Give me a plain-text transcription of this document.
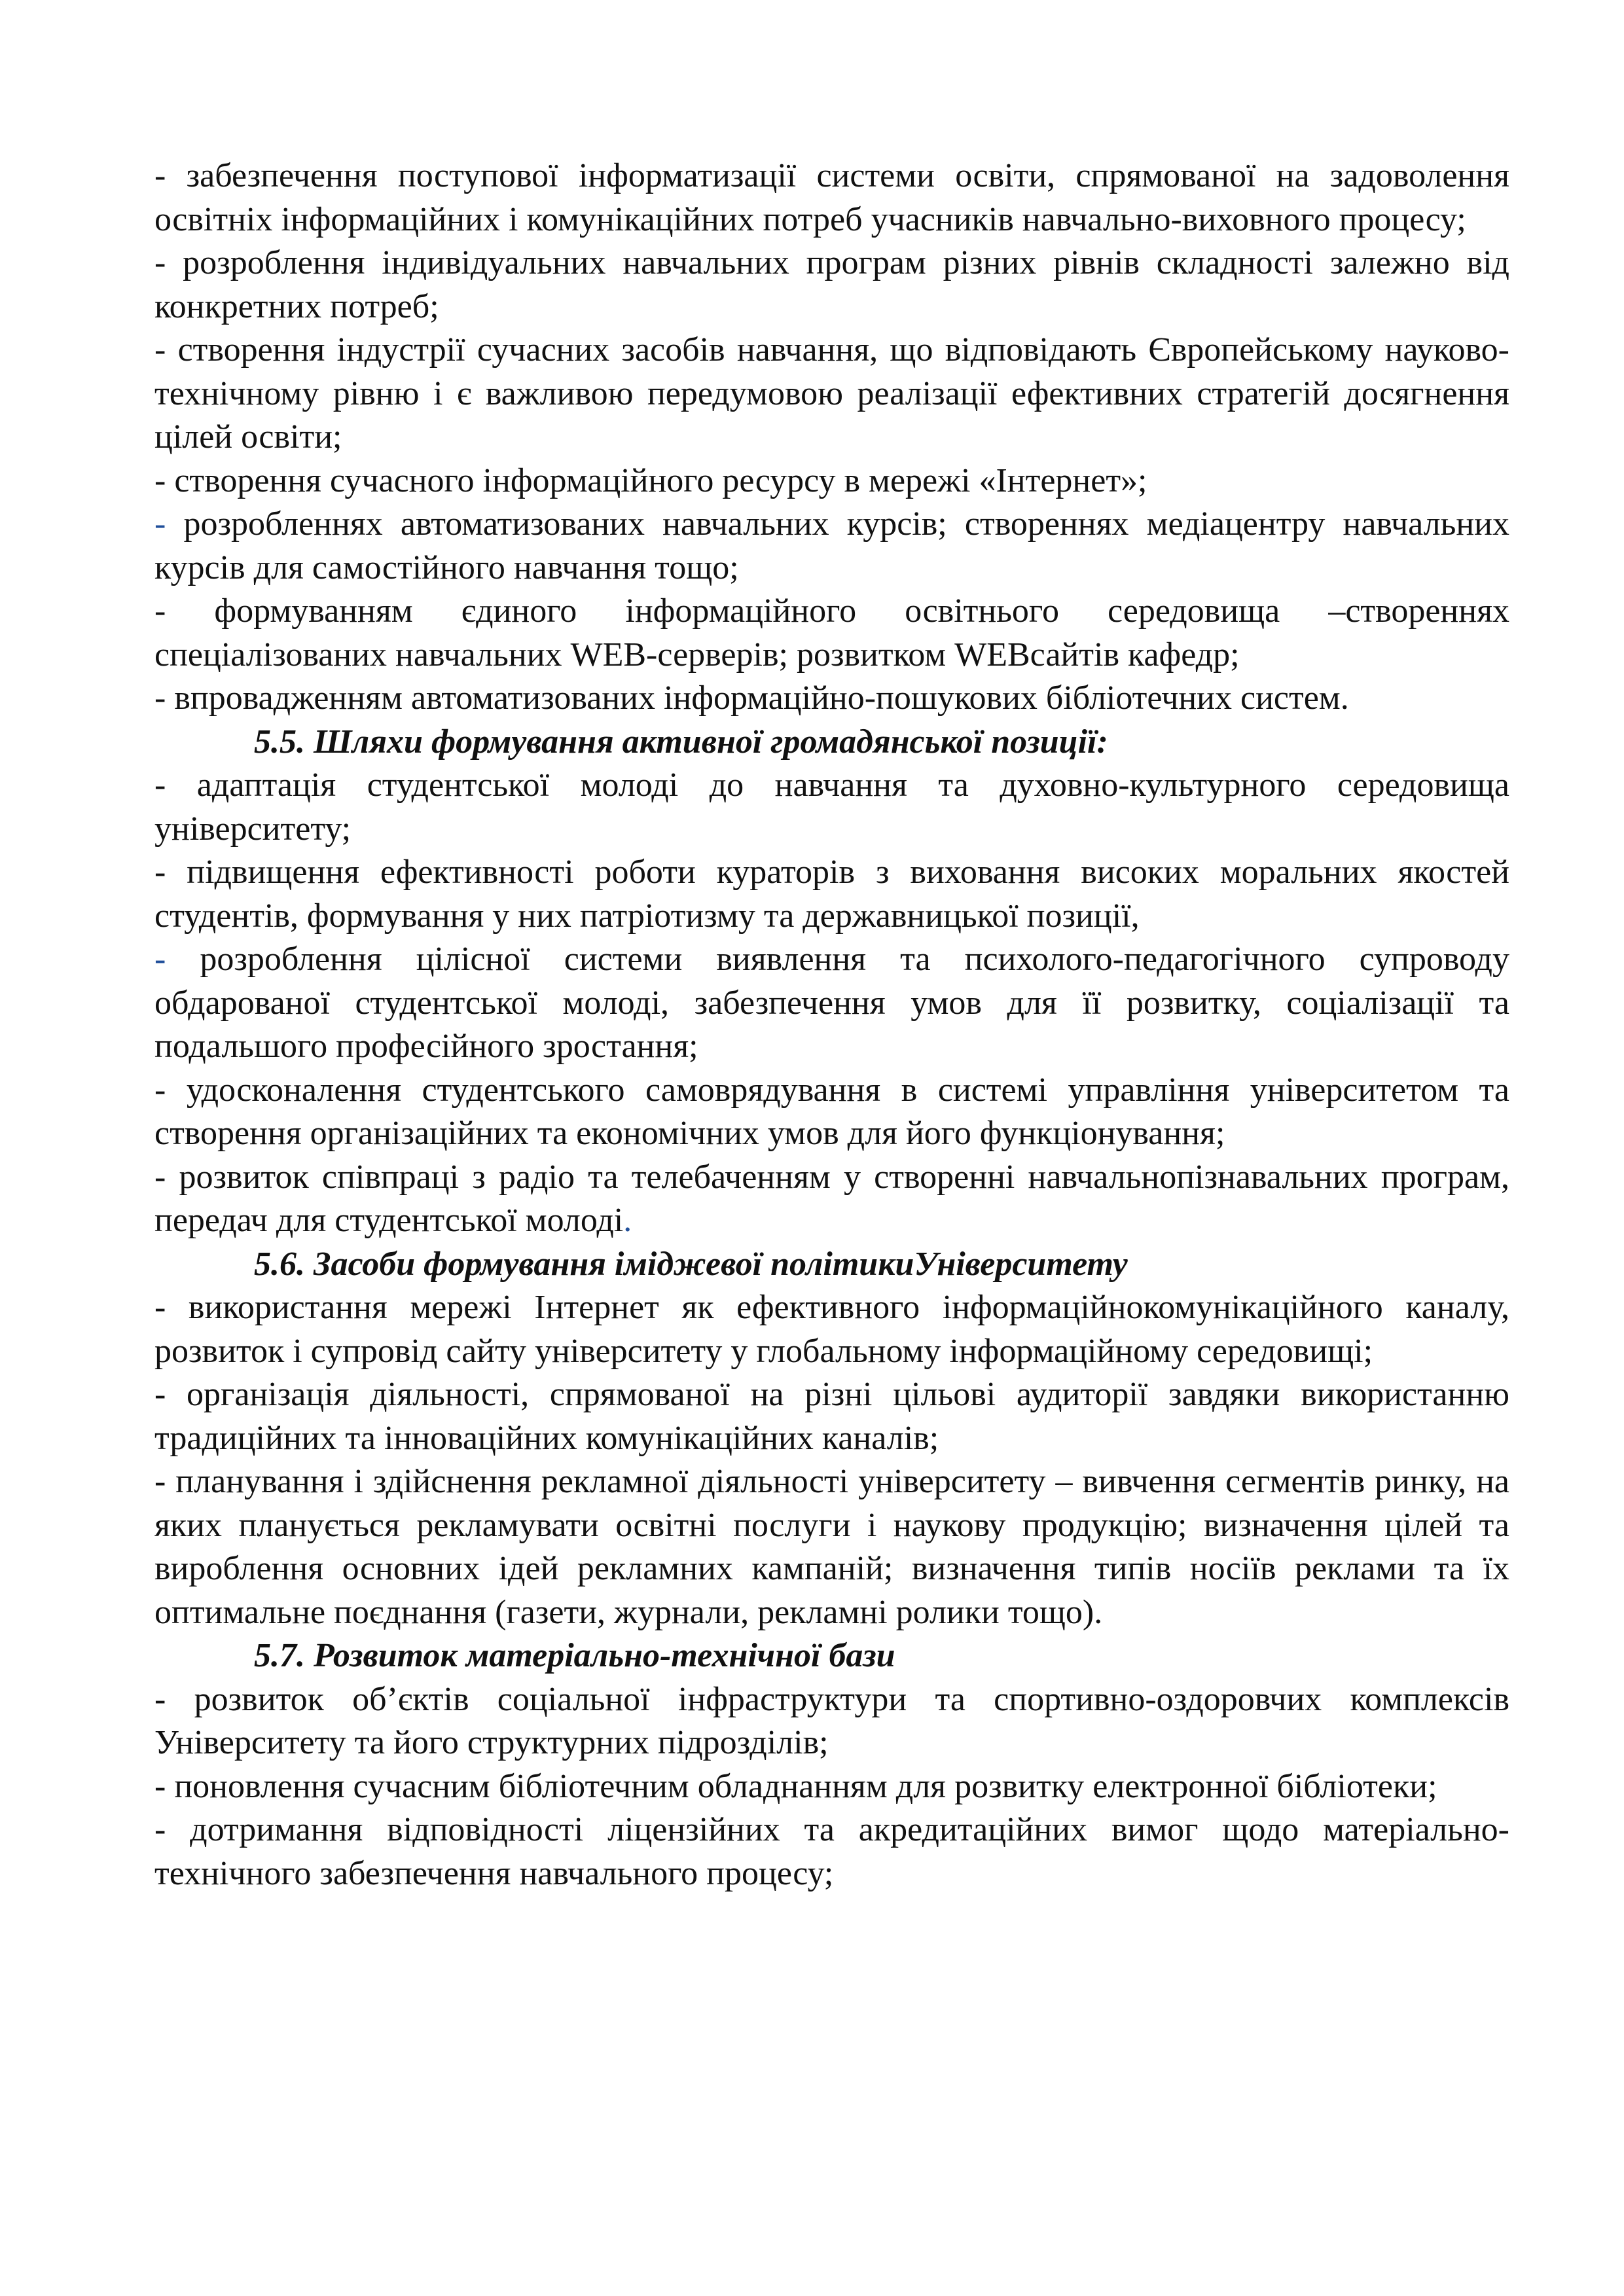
- забезпечення поступової інформатизації системи освіти, спрямованої на задоволення освітніх інформаційних і комунікаційних потреб учасників навчально-виховного процесу;

- розроблення індивідуальних навчальних програм різних рівнів складності залежно від конкретних потреб;

- створення індустрії сучасних засобів навчання, що відповідають Європейському науково-технічному рівню і є важливою передумовою реалізації ефективних стратегій досягнення цілей освіти;

- створення сучасного інформаційного ресурсу в мережі «Інтернет»;

- розробленнях автоматизованих навчальних курсів; створеннях медіацентру навчальних курсів для самостійного навчання тощо;

- формуванням єдиного інформаційного освітнього середовища –створеннях спеціалізованих навчальних WEB-серверів; розвитком WEBсайтів кафедр;

- впровадженням автоматизованих інформаційно-пошукових бібліотечних систем.

5.5. Шляхи формування активної громадянської позиції:

- адаптація студентської молоді до навчання та духовно-культурного середовища університету;

- підвищення ефективності роботи кураторів з виховання високих моральних якостей студентів, формування у них патріотизму та державницької позиції,

- розроблення цілісної системи виявлення та психолого-педагогічного супроводу обдарованої студентської молоді, забезпечення умов для її розвитку, соціалізації та подальшого професійного зростання;

- удосконалення студентського самоврядування в системі управління університетом та створення організаційних та економічних умов для його функціонування;

- розвиток співпраці з радіо та телебаченням у створенні навчальнопізнавальних програм, передач для студентської молоді.

5.6. Засоби формування іміджевої політикиУніверситету

- використання мережі Інтернет як ефективного інформаційнокомунікаційного каналу, розвиток і супровід сайту університету у глобальному інформаційному середовищі;

- організація діяльності, спрямованої на різні цільові аудиторії завдяки використанню традиційних та інноваційних комунікаційних каналів;

- планування і здійснення рекламної діяльності університету – вивчення сегментів ринку, на яких планується рекламувати освітні послуги і наукову продукцію; визначення цілей та вироблення основних ідей рекламних кампаній; визначення типів носіїв реклами та їх оптимальне поєднання (газети, журнали, рекламні ролики тощо).

5.7. Розвиток матеріально-технічної бази

- розвиток об’єктів соціальної інфраструктури та спортивно-оздоровчих комплексів Університету та його структурних підрозділів;

- поновлення сучасним бібліотечним обладнанням для розвитку електронної бібліотеки;

- дотримання відповідності ліцензійних та акредитаційних вимог щодо матеріально-технічного забезпечення навчального процесу;
